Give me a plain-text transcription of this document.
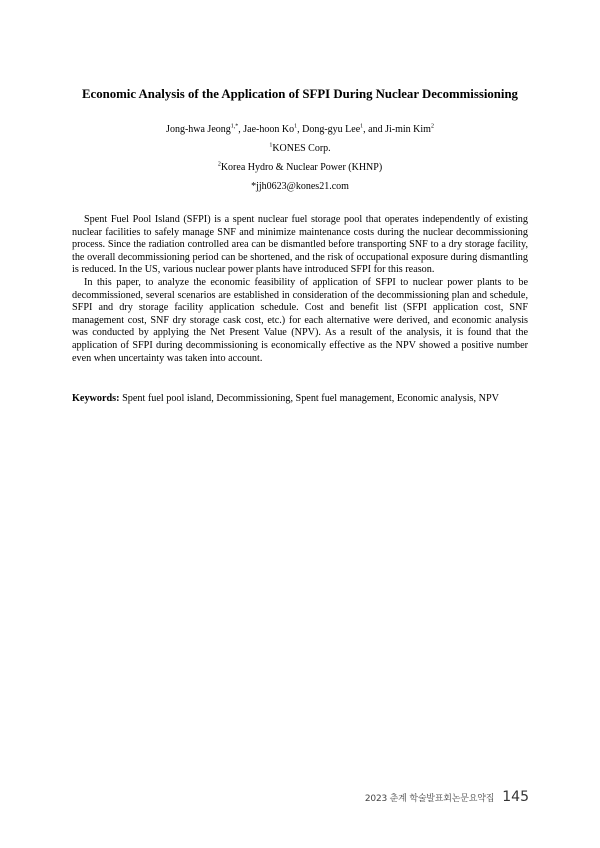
Economic Analysis of the Application of SFPI During Nuclear Decommissioning
Jong-hwa Jeong$^{1,*}$, Jae-hoon Ko$^1$, Dong-gyu Lee$^1$, and Ji-min Kim$^2$
$^1$KONES Corp.
$^2$Korea Hydro & Nuclear Power (KHNP)
*jjh0623@kones21.com

Spent Fuel Pool Island (SFPI) is a spent nuclear fuel storage pool that operates independently of existing nuclear facilities to safely manage SNF and minimize maintenance costs during the nuclear decommissioning process. Since the radiation controlled area can be dismantled before transporting SNF to a dry storage facility, the overall decommissioning period can be shortened, and the risk of occupational exposure during dismantling is reduced. In the US, various nuclear power plants have introduced SFPI for this reason.

In this paper, to analyze the economic feasibility of application of SFPI to nuclear power plants to be decommissioned, several scenarios are established in consideration of the decommissioning plan and schedule, SFPI and dry storage facility application schedule. Cost and benefit list (SFPI application cost, SNF management cost, SNF dry storage cask cost, etc.) for each alternative were derived, and economic analysis was conducted by applying the Net Present Value (NPV). As a result of the analysis, it is found that the application of SFPI during decommissioning is economically effective as the NPV showed a positive number even when uncertainty was taken into account.

Keywords: Spent fuel pool island, Decommissioning, Spent fuel management, Economic analysis, NPV
2023 춘계 학술발표회논문요약집 145
